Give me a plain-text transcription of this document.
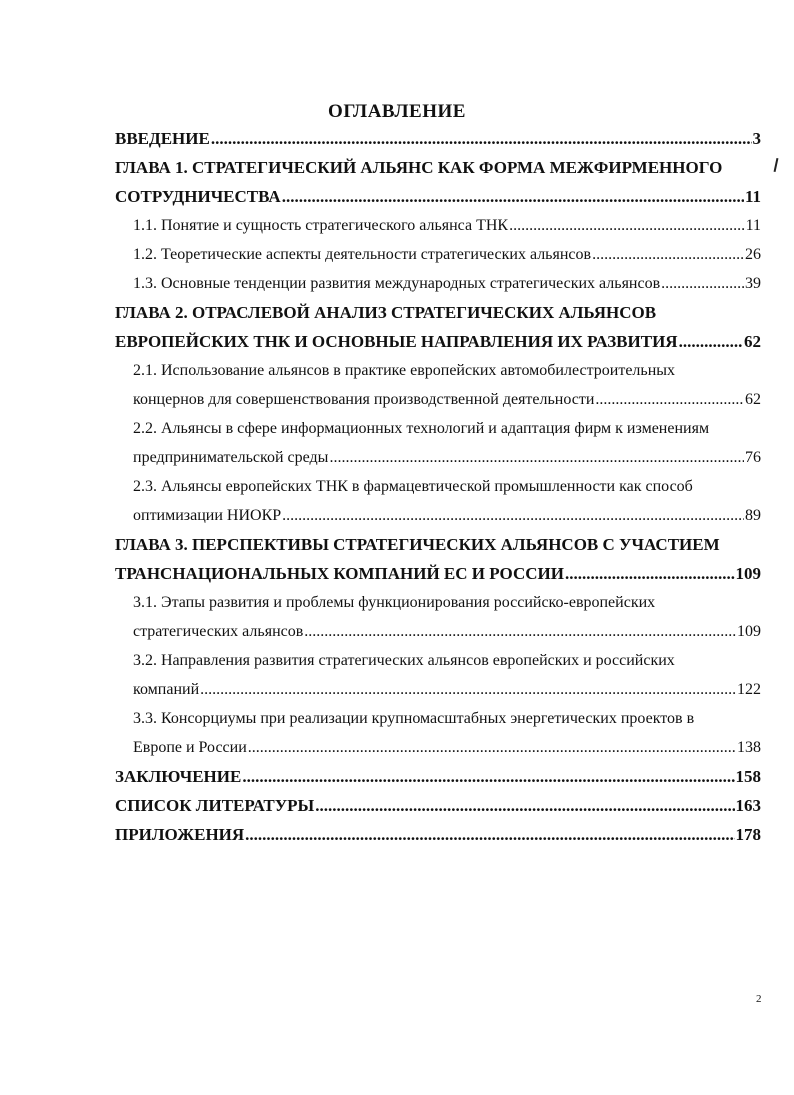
ОГЛАВЛЕНИЕ
ВВЕДЕНИЕ .....	3
ГЛАВА 1. СТРАТЕГИЧЕСКИЙ АЛЬЯНС КАК ФОРМА МЕЖФИРМЕННОГО
СОТРУДНИЧЕСТВА .....	11
1.1. Понятие и сущность стратегического альянса ТНК .....	11
1.2. Теоретические аспекты деятельности стратегических альянсов .....	26
1.3. Основные тенденции развития международных стратегических альянсов .....	39
ГЛАВА 2. ОТРАСЛЕВОЙ АНАЛИЗ СТРАТЕГИЧЕСКИХ АЛЬЯНСОВ
ЕВРОПЕЙСКИХ ТНК И ОСНОВНЫЕ НАПРАВЛЕНИЯ ИХ РАЗВИТИЯ .....	62
2.1. Использование альянсов в практике европейских автомобилестроительных
концернов для совершенствования производственной деятельности .....	62
2.2. Альянсы в сфере информационных технологий и адаптация фирм к изменениям
предпринимательской среды .....	76
2.3. Альянсы европейских ТНК в фармацевтической промышленности как способ
оптимизации НИОКР .....	89
ГЛАВА 3. ПЕРСПЕКТИВЫ СТРАТЕГИЧЕСКИХ АЛЬЯНСОВ С УЧАСТИЕМ
ТРАНСНАЦИОНАЛЬНЫХ КОМПАНИЙ ЕС И РОССИИ .....	109
3.1. Этапы развития и проблемы функционирования российско-европейских
стратегических альянсов .....	109
3.2. Направления развития стратегических альянсов европейских и российских
компаний .....	122
3.3. Консорциумы при реализации крупномасштабных энергетических проектов в
Европе и России .....	138
ЗАКЛЮЧЕНИЕ .....	158
СПИСОК ЛИТЕРАТУРЫ .....	163
ПРИЛОЖЕНИЯ .....	178
2
